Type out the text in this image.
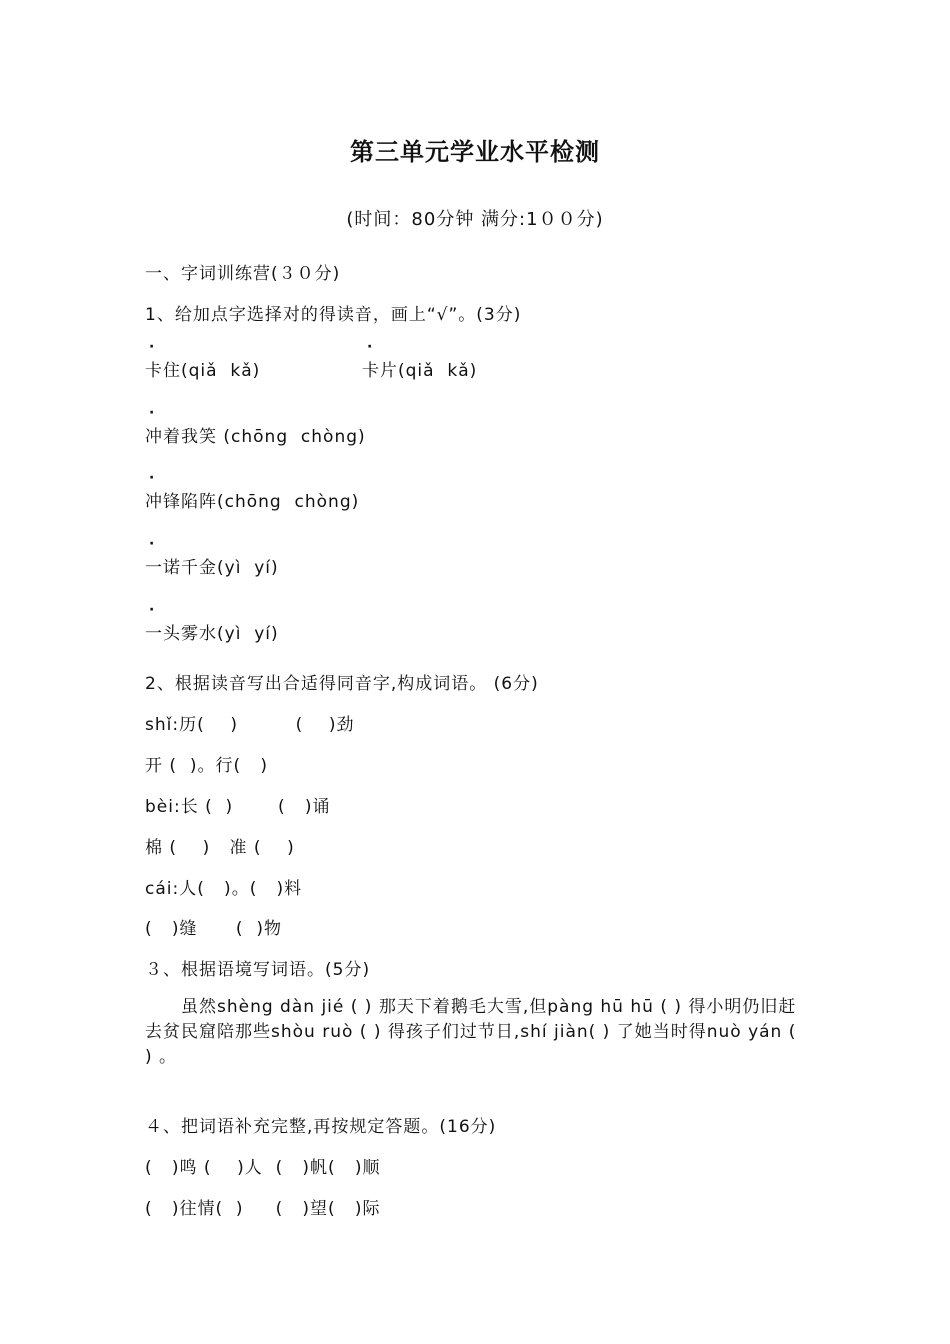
第三单元学业水平检测
(时间：80分钟 满分:1００分)
一、字词训练营(３０分)
1、给加点字选择对的得读音，画上“√”。(3分)
·
卡住(qiǎ  kǎ)
·
卡片(qiǎ  kǎ)
·
冲着我笑 (chōng  chòng)
·
冲锋陷阵(chōng  chòng)
·
一诺千金(yì  yí)
·
一头雾水(yì  yí)
2、根据读音写出合适得同音字,构成词语。 (6分)
shǐ:历(    )         (    )劲
开 (  )。行(   )
bèi:长 (  )       (   )诵
棉 (    )   准 (    )
cái:人(   )。(   )料
(   )缝      (  )物
３、根据语境写词语。(5分)
虽然shèng dàn jié ( ) 那天下着鹅毛大雪,但pàng hū hū ( ) 得小明仍旧赶去贫民窟陪那些shòu ruò ( ) 得孩子们过节日,shí jiàn( ) 了她当时得nuò yán ( ) 。
４、把词语补充完整,再按规定答题。(16分)
(   )鸣 (    )人  (   )帆(   )顺
(   )往情(  )     (   )望(   )际
